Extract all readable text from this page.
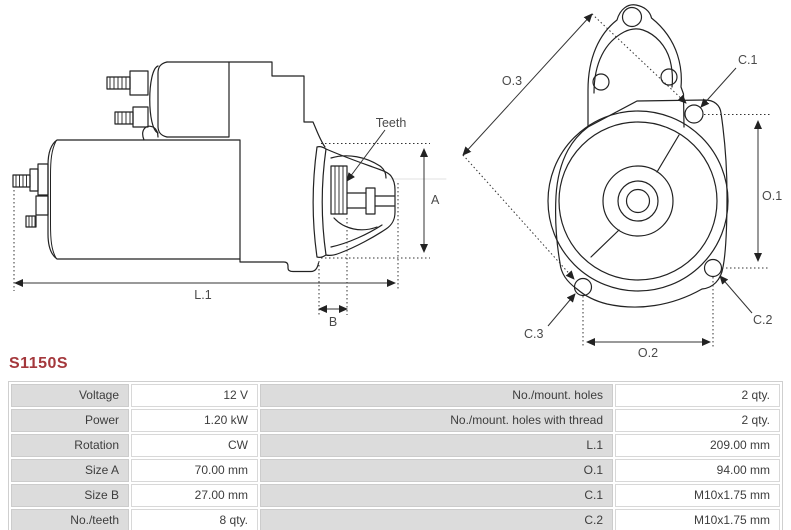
L.1
B
A
Teeth
O.3
O.1
O.2
C.1
C.2
C.3
S1150S
Voltage	12 V	No./mount. holes	2 qty.
Power	1.20 kW	No./mount. holes with thread	2 qty.
Rotation	CW	L.1	209.00 mm
Size A	70.00 mm	O.1	94.00 mm
Size B	27.00 mm	C.1	M10x1.75 mm
No./teeth	8 qty.	C.2	M10x1.75 mm
